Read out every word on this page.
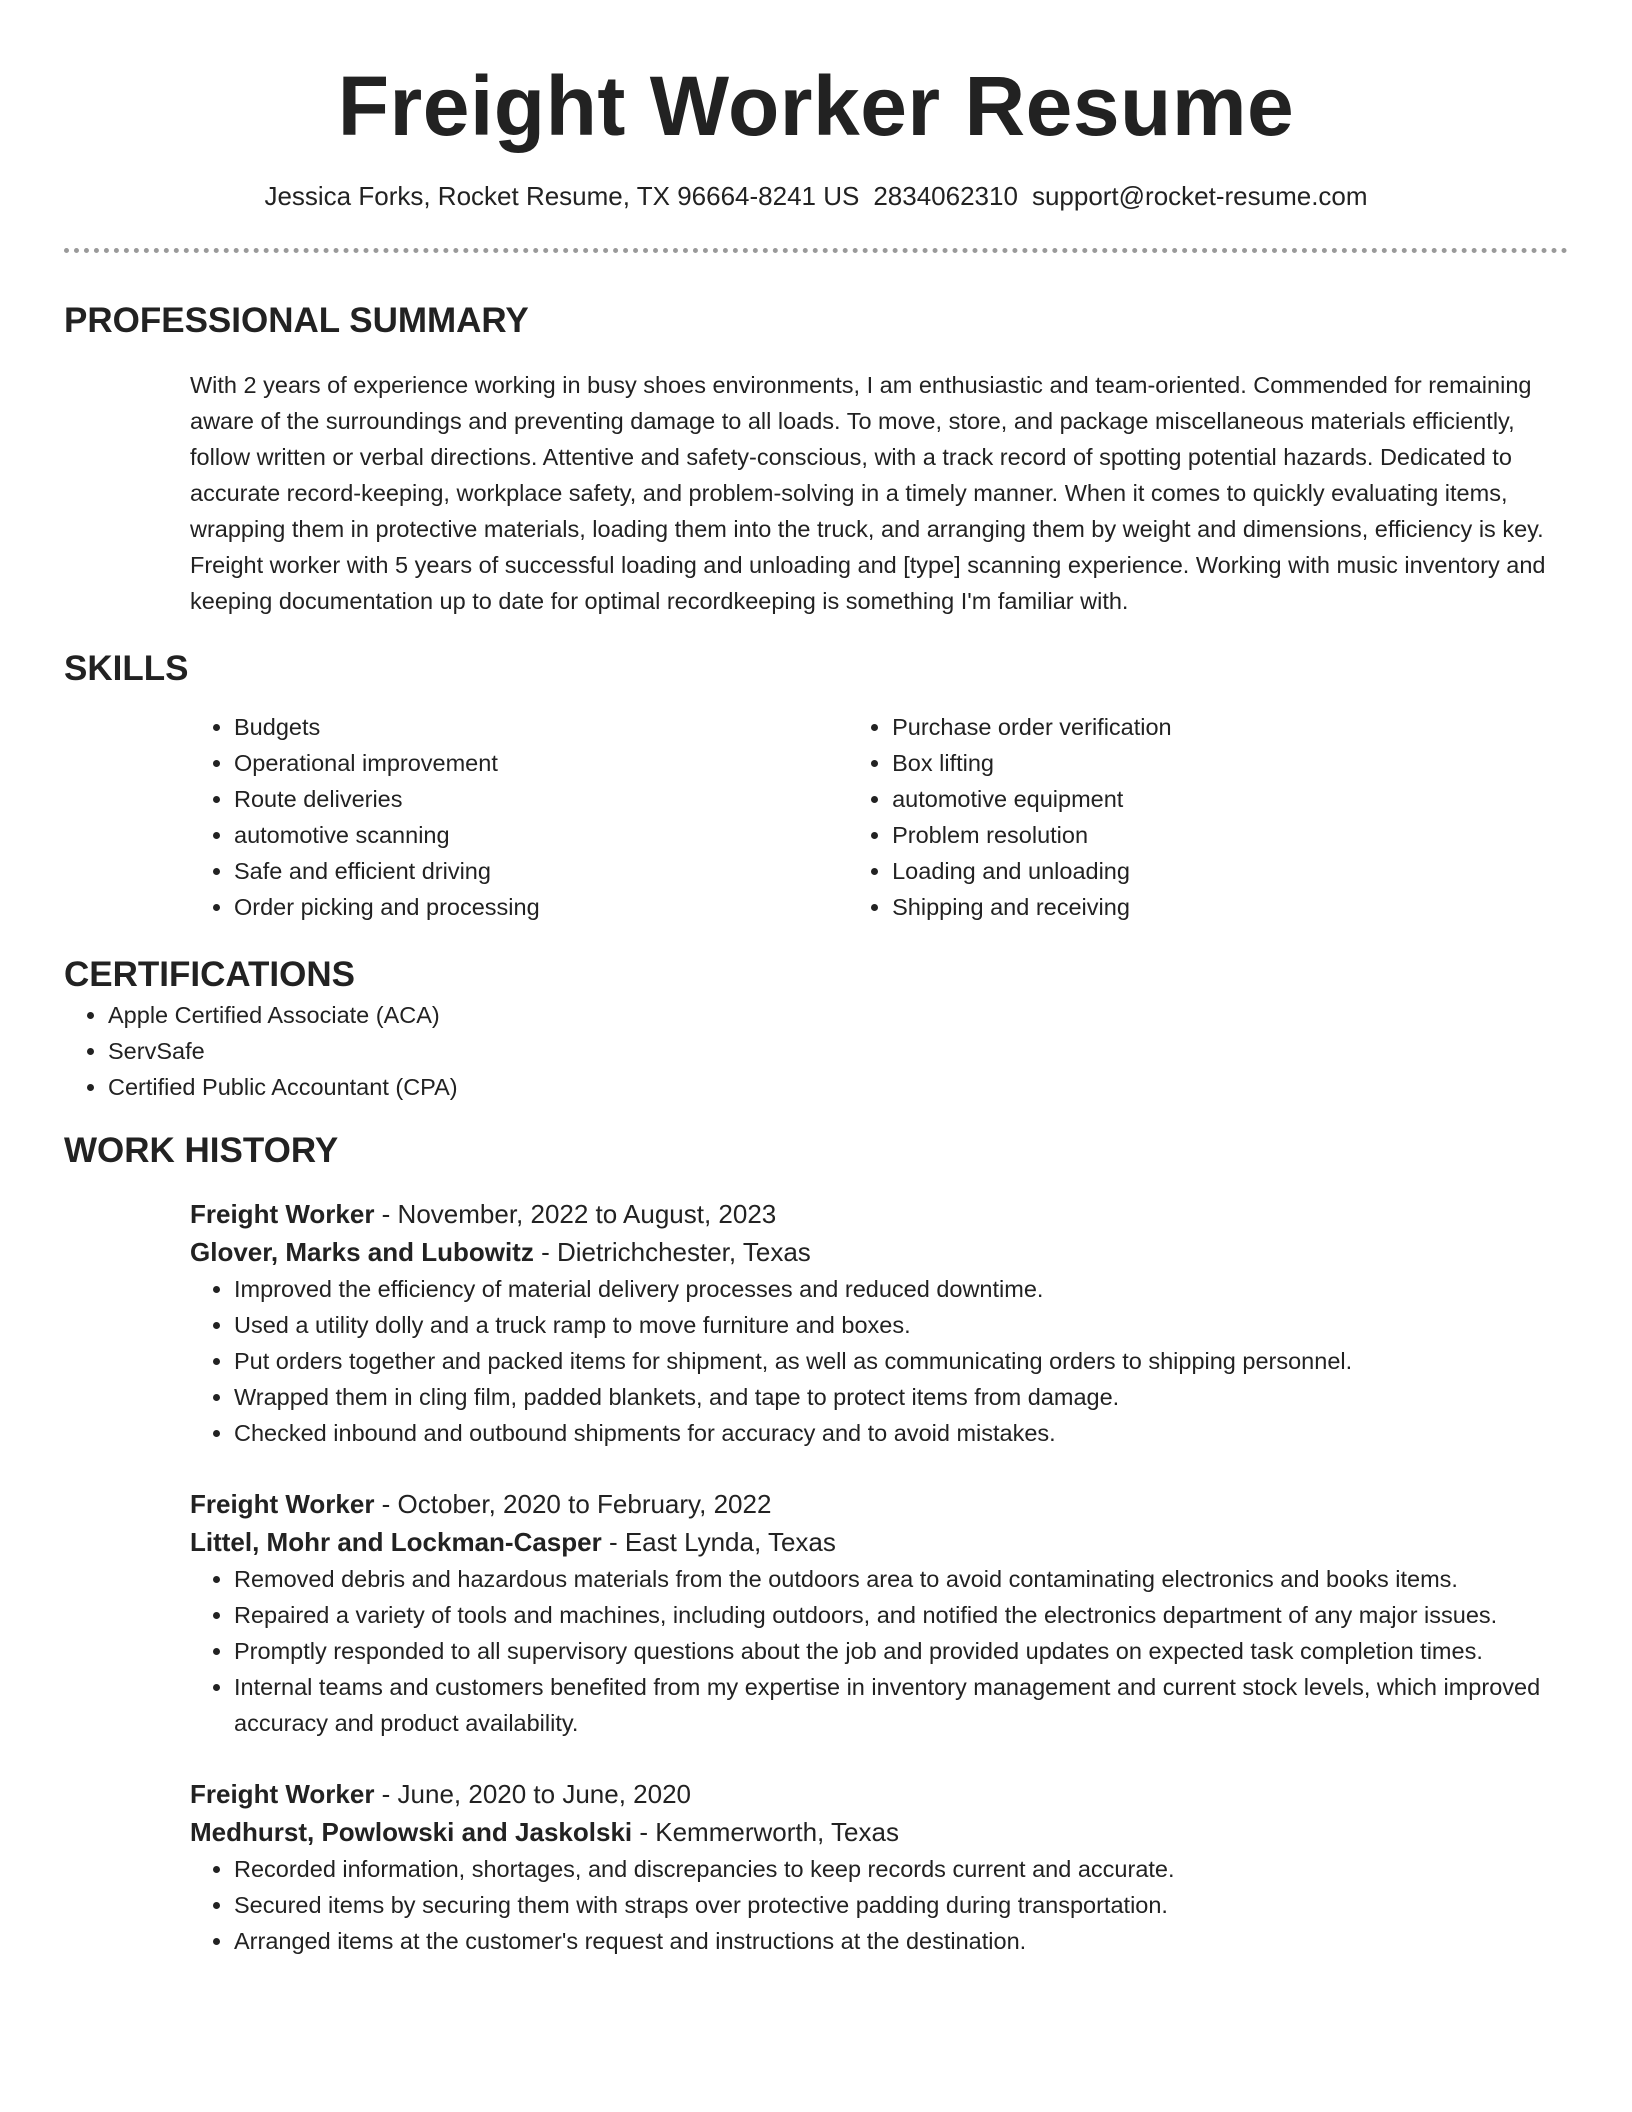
Freight Worker Resume
Jessica Forks, Rocket Resume, TX 96664-8241 US 2834062310 support@rocket-resume.com
PROFESSIONAL SUMMARY
With 2 years of experience working in busy shoes environments, I am enthusiastic and team-oriented. Commended for remaining aware of the surroundings and preventing damage to all loads. To move, store, and package miscellaneous materials efficiently, follow written or verbal directions. Attentive and safety-conscious, with a track record of spotting potential hazards. Dedicated to accurate record-keeping, workplace safety, and problem-solving in a timely manner. When it comes to quickly evaluating items, wrapping them in protective materials, loading them into the truck, and arranging them by weight and dimensions, efficiency is key. Freight worker with 5 years of successful loading and unloading and [type] scanning experience. Working with music inventory and keeping documentation up to date for optimal recordkeeping is something I'm familiar with.
SKILLS
• Budgets
• Operational improvement
• Route deliveries
• automotive scanning
• Safe and efficient driving
• Order picking and processing
• Purchase order verification
• Box lifting
• automotive equipment
• Problem resolution
• Loading and unloading
• Shipping and receiving
CERTIFICATIONS
• Apple Certified Associate (ACA)
• ServSafe
• Certified Public Accountant (CPA)
WORK HISTORY
Freight Worker - November, 2022 to August, 2023
Glover, Marks and Lubowitz - Dietrichchester, Texas
• Improved the efficiency of material delivery processes and reduced downtime.
• Used a utility dolly and a truck ramp to move furniture and boxes.
• Put orders together and packed items for shipment, as well as communicating orders to shipping personnel.
• Wrapped them in cling film, padded blankets, and tape to protect items from damage.
• Checked inbound and outbound shipments for accuracy and to avoid mistakes.
Freight Worker - October, 2020 to February, 2022
Littel, Mohr and Lockman-Casper - East Lynda, Texas
• Removed debris and hazardous materials from the outdoors area to avoid contaminating electronics and books items.
• Repaired a variety of tools and machines, including outdoors, and notified the electronics department of any major issues.
• Promptly responded to all supervisory questions about the job and provided updates on expected task completion times.
• Internal teams and customers benefited from my expertise in inventory management and current stock levels, which improved accuracy and product availability.
Freight Worker - June, 2020 to June, 2020
Medhurst, Powlowski and Jaskolski - Kemmerworth, Texas
• Recorded information, shortages, and discrepancies to keep records current and accurate.
• Secured items by securing them with straps over protective padding during transportation.
• Arranged items at the customer's request and instructions at the destination.
